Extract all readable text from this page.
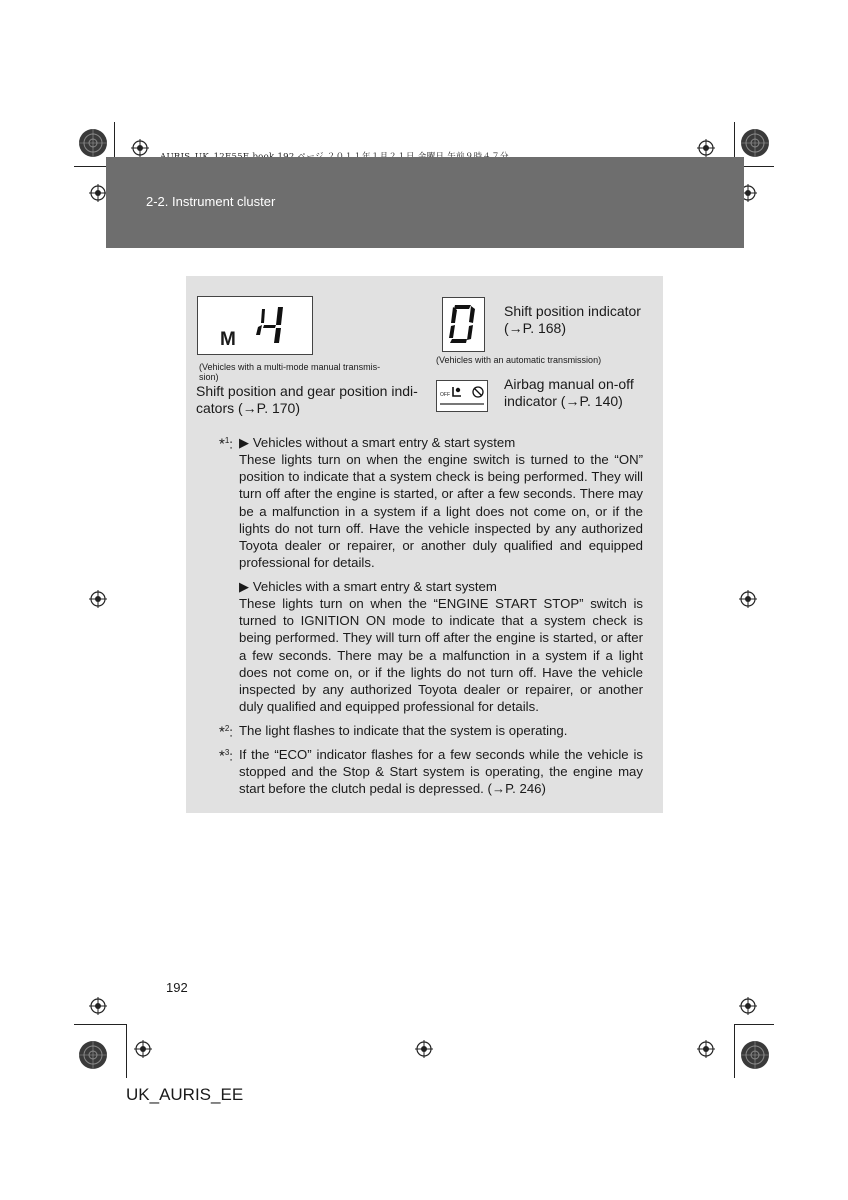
2-2. Instrument cluster
M
(Vehicles with a multi-mode manual transmis-
sion)
Shift position and gear position indi-
cators (→P. 170)
Shift position indicator
(→P. 168)
(Vehicles with an automatic transmission)
OFF
Airbag manual on-off
indicator (→P. 140)
*$^1$: ▶ Vehicles without a smart entry & start system
These lights turn on when the engine switch is turned to the “ON” position to indicate that a system check is being performed. They will turn off after the engine is started, or after a few seconds. There may be a malfunction in a system if a light does not come on, or if the lights do not turn off. Have the vehicle inspected by any authorized Toyota dealer or repairer, or another duly qualified and equipped professional for details.
▶ Vehicles with a smart entry & start system
These lights turn on when the “ENGINE START STOP” switch is turned to IGNITION ON mode to indicate that a system check is being performed. They will turn off after the engine is started, or after a few seconds. There may be a malfunction in a system if a light does not come on, or if the lights do not turn off. Have the vehicle inspected by any authorized Toyota dealer or repairer, or another duly qualified and equipped professional for details.
*$^2$: The light flashes to indicate that the system is operating.
*$^3$: If the “ECO” indicator flashes for a few seconds while the vehicle is stopped and the Stop & Start system is operating, the engine may start before the clutch pedal is depressed. (→P. 246)
192
UK_AURIS_EE
